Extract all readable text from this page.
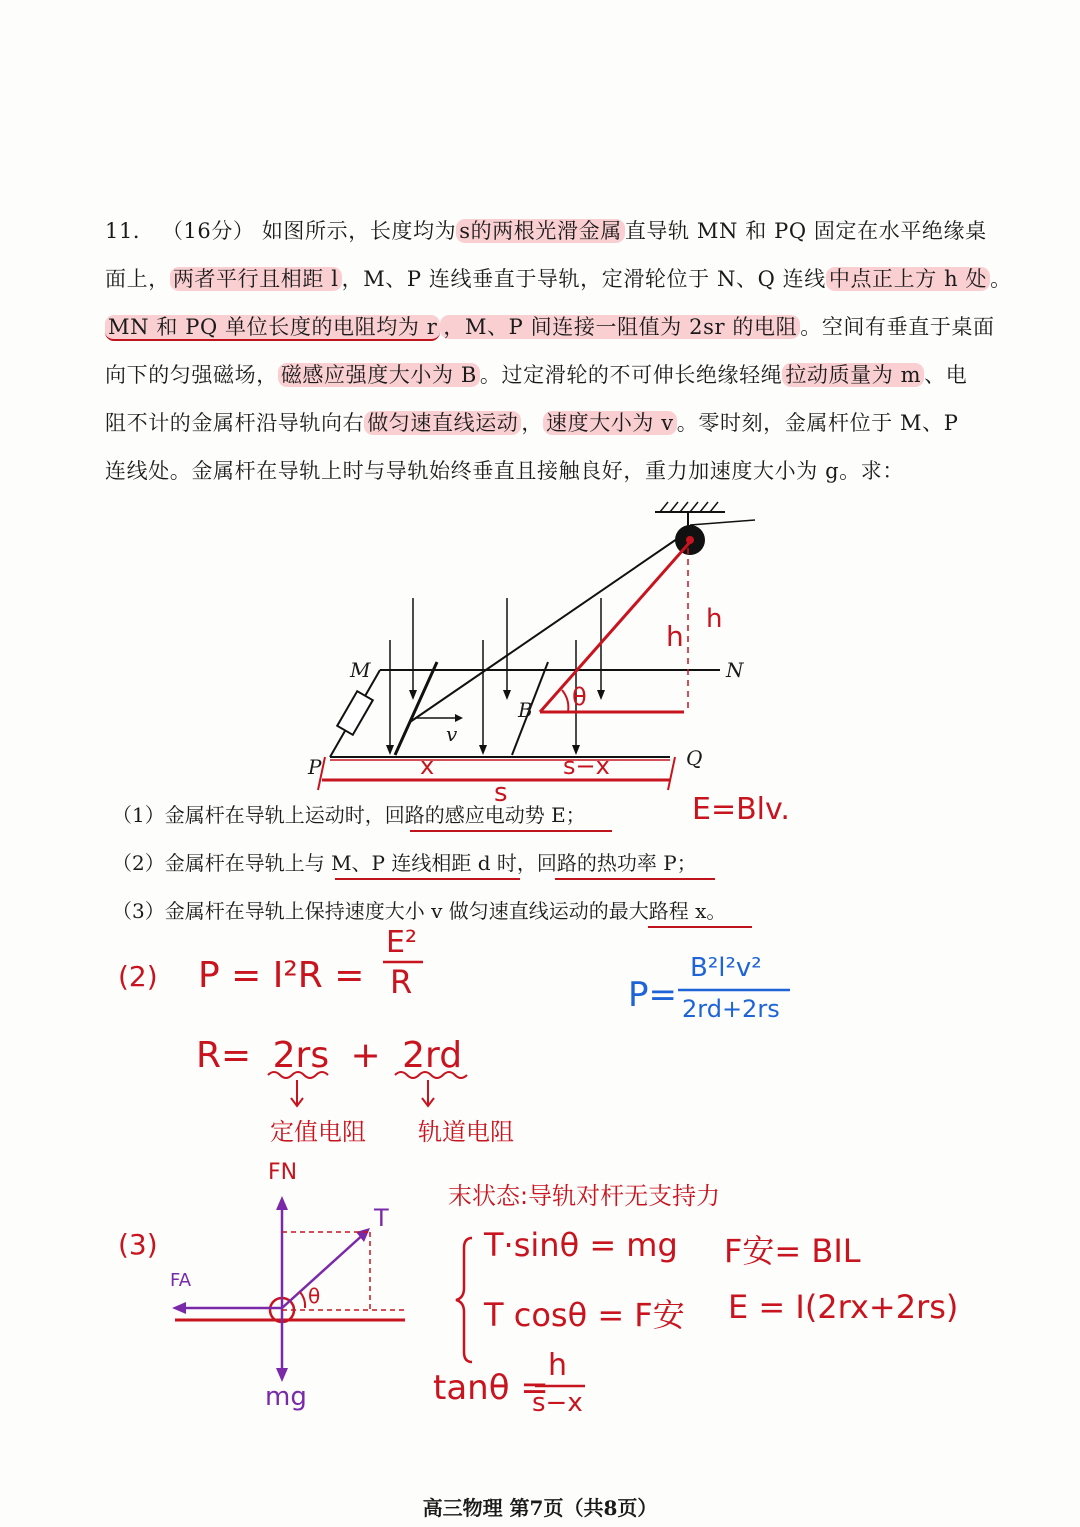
11． （16分） 如图所示，长度均为 s的两根光滑金属 直导轨 MN 和 PQ 固定在水平绝缘桌
面上， 两者平行且相距 l ，M、P 连线垂直于导轨，定滑轮位于 N、Q 连线 中点正上方 h 处 。
MN 和 PQ 单位长度的电阻均为 r ，M、P 间连接一阻值为 2sr 的电阻 。空间有垂直于桌面
向下的匀强磁场， 磁感应强度大小为 B 。过定滑轮的不可伸长绝缘轻绳 拉动质量为 m 、电
阻不计的金属杆沿导轨向右 做匀速直线运动 ， 速度大小为 v 。零时刻，金属杆位于 M、P
连线处。金属杆在导轨上时与导轨始终垂直且接触良好，重力加速度大小为 g。求：
M	N
P	Q
B
v
h
h
θ
x	s−x
s
（1）金属杆在导轨上运动时，回路的感应电动势 E；
（2）金属杆在导轨上与 M、P 连线相距 d 时，回路的热功率 P；
（3）金属杆在导轨上保持速度大小 v 做匀速直线运动的最大路程 x。
E=Blv.
(2) P = I²R =
E²
R	P=
B²l²v²
2rd+2rs
R= 2rs + 2rd
定值电阻 轨道电阻
(3)
FN
T
FA
mg
θ
末状态:导轨对杆无支持力
T·sinθ = mg
T cosθ = F安
F安= BIL
E = I(2rx+2rs)
tanθ =
h
s−x
高三物理 第7页（共8页）
